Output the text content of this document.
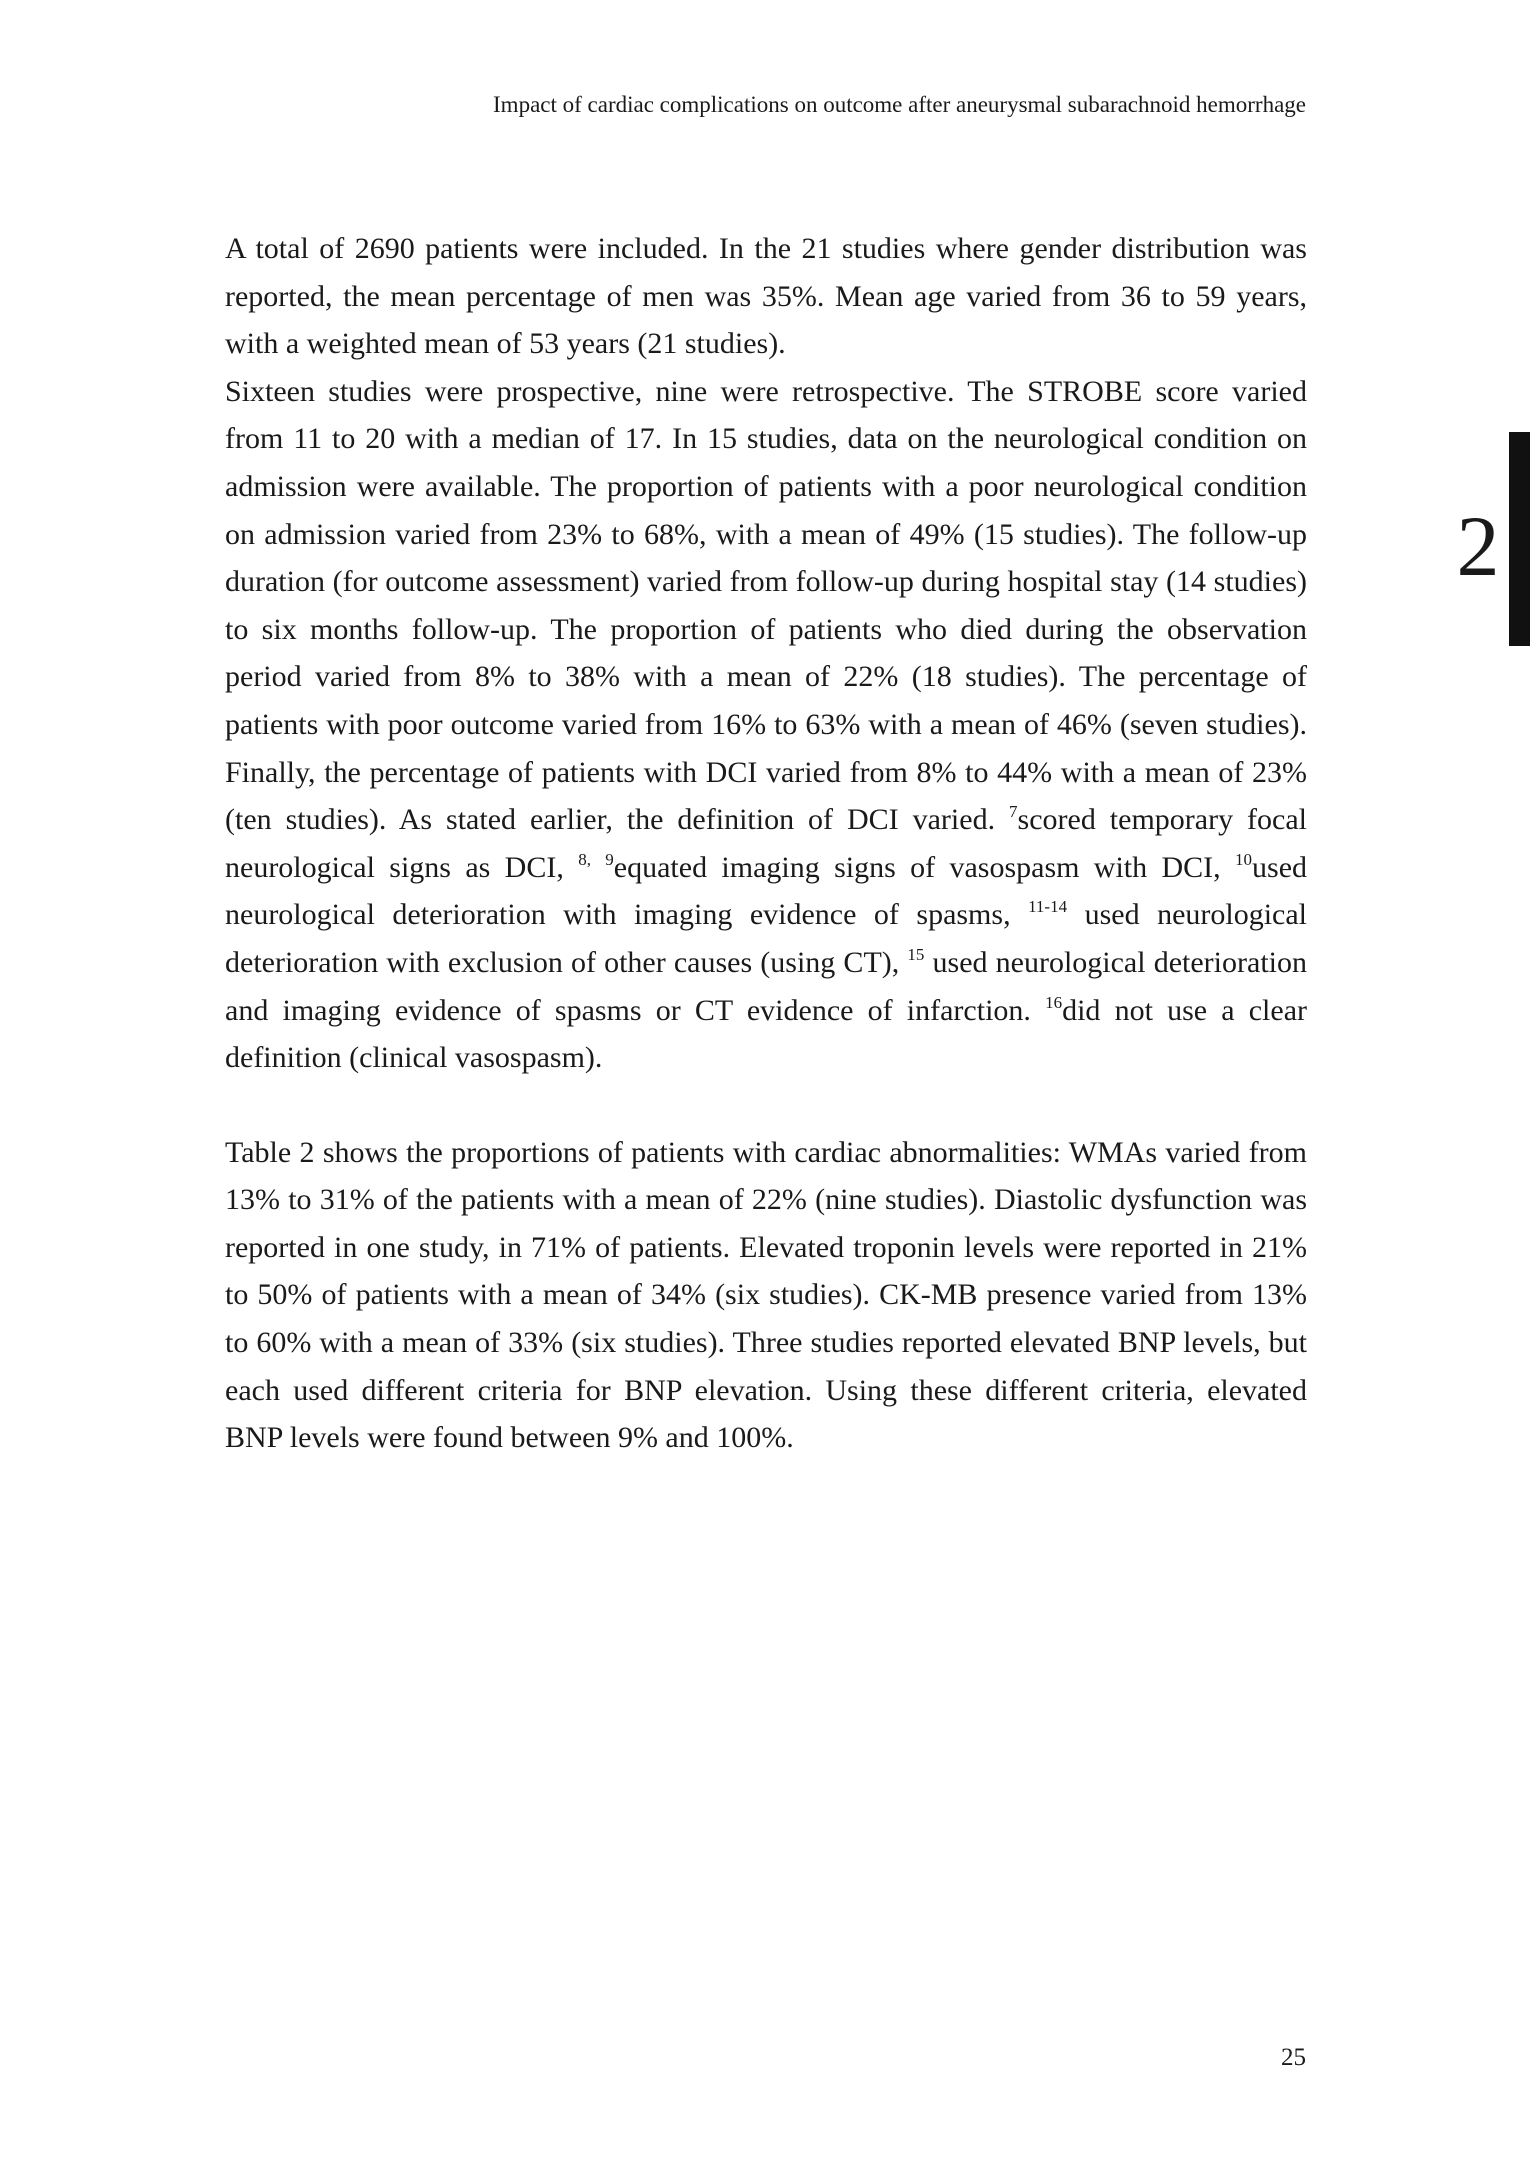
Impact of cardiac complications on outcome after aneurysmal subarachnoid hemorrhage
2

A total of 2690 patients were included. In the 21 studies where gender distribution was reported, the mean percentage of men was 35%. Mean age varied from 36 to 59 years, with a weighted mean of 53 years (21 studies).

Sixteen studies were prospective, nine were retrospective. The STROBE score varied from 11 to 20 with a median of 17. In 15 studies, data on the neurological condition on admission were available. The proportion of patients with a poor neurological condition on admission varied from 23% to 68%, with a mean of 49% (15 studies). The follow-up duration (for outcome assessment) varied from follow-up during hospital stay (14 studies) to six months follow-up. The proportion of patients who died during the observation period varied from 8% to 38% with a mean of 22% (18 studies). The percentage of patients with poor outcome varied from 16% to 63% with a mean of 46% (seven studies). Finally, the percentage of patients with DCI varied from 8% to 44% with a mean of 23% (ten studies). As stated earlier, the definition of DCI varied. $^7$scored temporary focal neurological signs as DCI, $^{8,}$ $^9$equated imaging signs of vasospasm with DCI, $^{10}$used neurological deterioration with imaging evidence of spasms, $^{11-14}$ used neurological deterioration with exclusion of other causes (using CT), $^{15}$ used neurological deterioration and imaging evidence of spasms or CT evidence of infarction. $^{16}$did not use a clear definition (clinical vasospasm).

Table 2 shows the proportions of patients with cardiac abnormalities: WMAs varied from 13% to 31% of the patients with a mean of 22% (nine studies). Diastolic dysfunction was reported in one study, in 71% of patients. Elevated troponin levels were reported in 21% to 50% of patients with a mean of 34% (six studies). CK-MB presence varied from 13% to 60% with a mean of 33% (six studies). Three studies reported elevated BNP levels, but each used different criteria for BNP elevation. Using these different criteria, elevated BNP levels were found between 9% and 100%.

25
